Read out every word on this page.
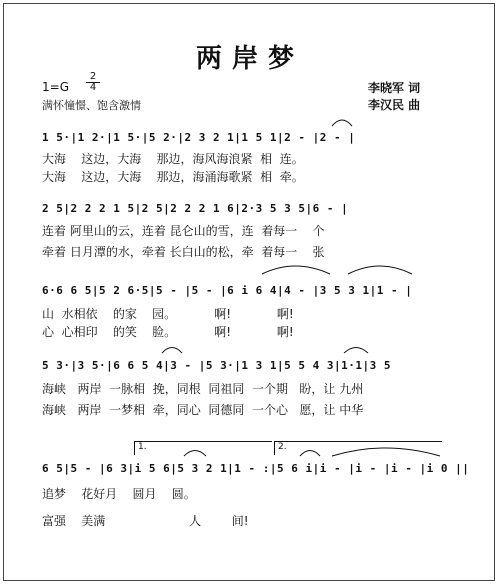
两岸梦
$1=G \frac{2}{4}$
满怀憧憬、饱含激情
李晓军 词
李汉民 曲
1 5·|1 2·|1 5·|5 2·|2 3 2 1|1 5 1|2 - |2 - |
大海    这边，大海    那边，海风海浪紧  相  连。
大海    这边，大海    那边，海涌海歌紧  相  牵。
2 5|2 2 2 1 5|2 5|2 2 2 1 6|2·3 5 3 5|6 - |
连着 阿里山的云，连着 昆仑山的雪，连  着每一    个
牵着 日月潭的水，牵着 长白山的松，牵  着每一    张
6·6 6 5|5 2 6·5|5 - |5 - |6 i 6 4|4 - |3 5 3 1|1 - |
山  水相依    的家    园。          啊!            啊!
心  心相印    的笑    脸。          啊!            啊!
5 3·|3 5·|6 6 5 4|3 - |5 3·|1 3 1|5 5 4 3|1·1|3 5
海峡   两岸  一脉相  挽，同根  同祖同  一个期   盼，让 九州
海峡   两岸  一梦相  牵，同心  同德同  一个心   愿，让 中华
1.	2.
6 5|5 - |6 3|i 5 6|5 3 2 1|1 - :|5 6 i|i - |i - |i - |i 0 ||
追梦    花好月    圆月    圆。
富强    美满                      人        间!
